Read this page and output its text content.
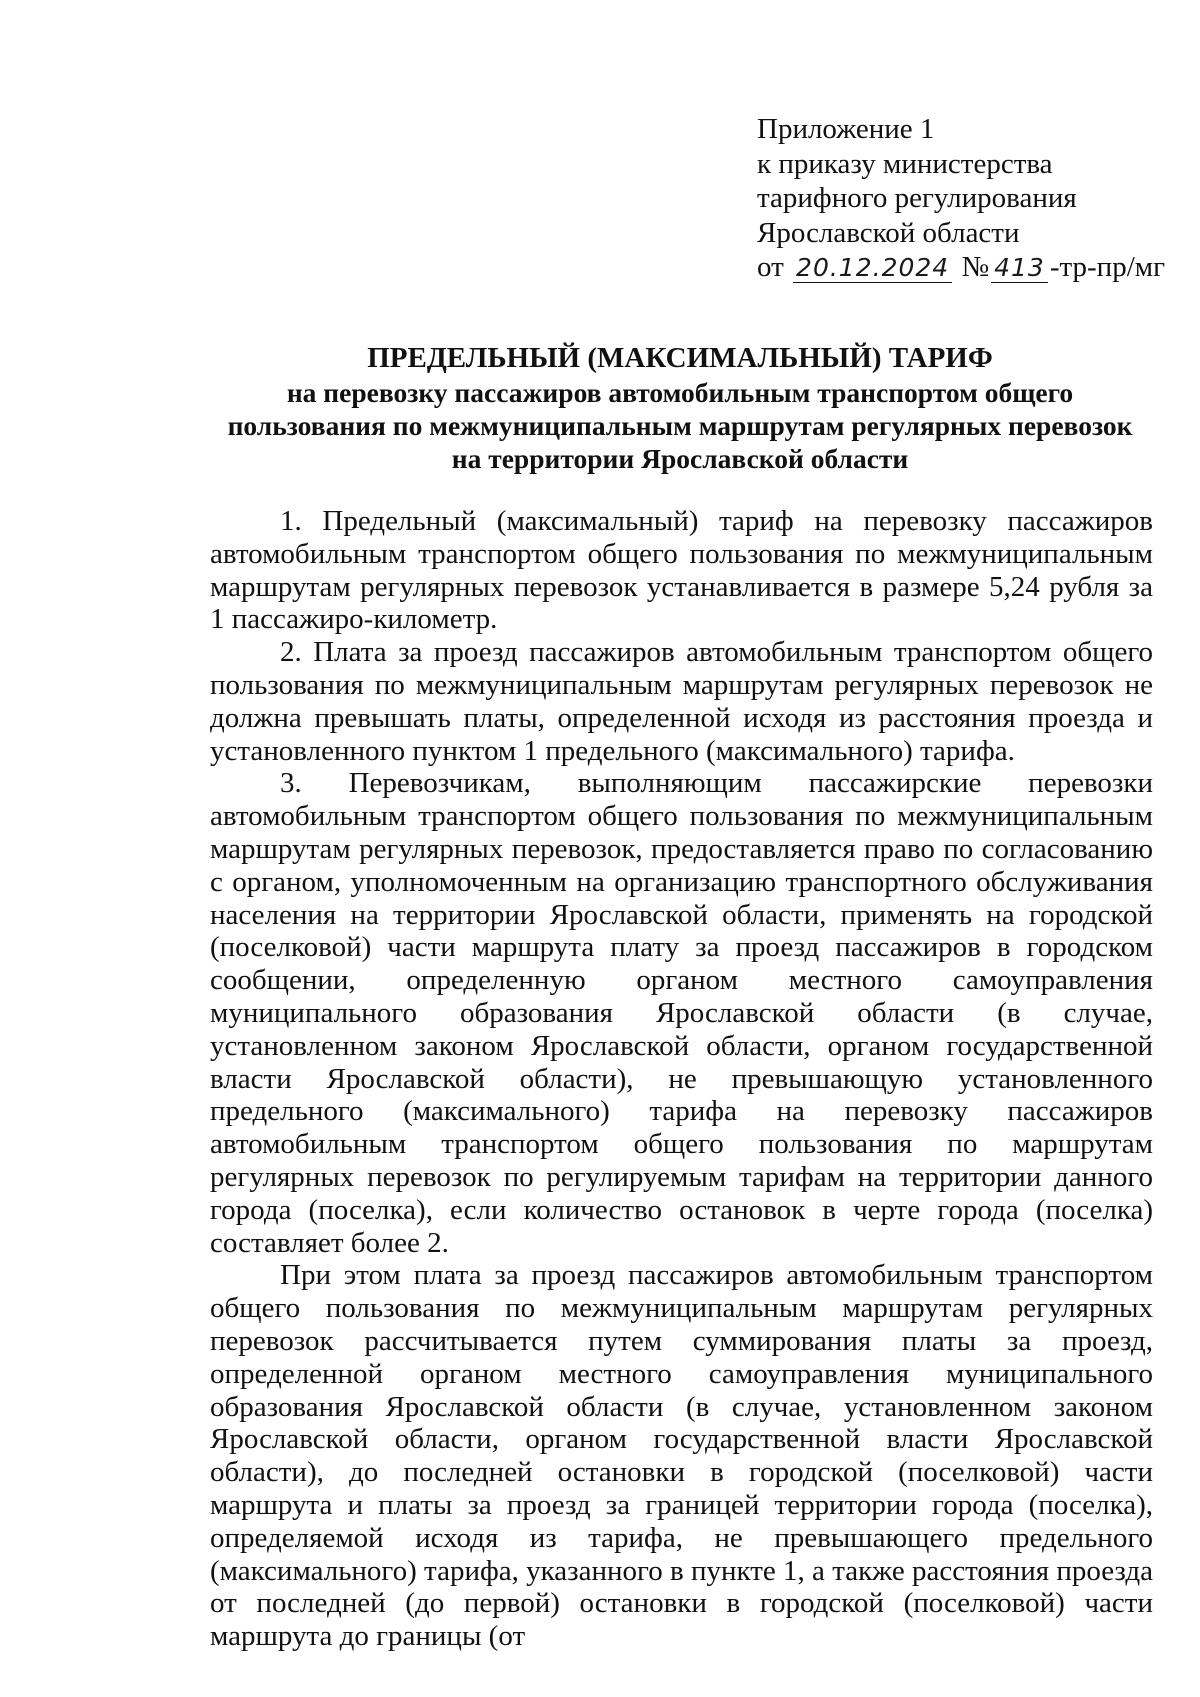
Приложение 1
к приказу министерства
тарифного регулирования
Ярославской области
от 20.12.2024 № 413 -тр-пр/мг
ПРЕДЕЛЬНЫЙ (МАКСИМАЛЬНЫЙ) ТАРИФ
на перевозку пассажиров автомобильным транспортом общего
пользования по межмуниципальным маршрутам регулярных перевозок
на территории Ярославской области

1. Предельный (максимальный) тариф на перевозку пассажиров автомобильным транспортом общего пользования по межмуниципальным маршрутам регулярных перевозок устанавливается в размере 5,24 рубля за 1 пассажиро-километр.

2. Плата за проезд пассажиров автомобильным транспортом общего пользования по межмуниципальным маршрутам регулярных перевозок не должна превышать платы, определенной исходя из расстояния проезда и установленного пунктом 1 предельного (максимального) тарифа.

3. Перевозчикам, выполняющим пассажирские перевозки автомобильным транспортом общего пользования по межмуниципальным маршрутам регулярных перевозок, предоставляется право по согласованию с органом, уполномоченным на организацию транспортного обслуживания населения на территории Ярославской области, применять на городской (поселковой) части маршрута плату за проезд пассажиров в городском сообщении, определенную органом местного самоуправления муниципального образования Ярославской области (в случае, установленном законом Ярославской области, органом государственной власти Ярославской области), не превышающую установленного предельного (максимального) тарифа на перевозку пассажиров автомобильным транспортом общего пользования по маршрутам регулярных перевозок по регулируемым тарифам на территории данного города (поселка), если количество остановок в черте города (поселка) составляет более 2.

При этом плата за проезд пассажиров автомобильным транспортом общего пользования по межмуниципальным маршрутам регулярных перевозок рассчитывается путем суммирования платы за проезд, определенной органом местного самоуправления муниципального образования Ярославской области (в случае, установленном законом Ярославской области, органом государственной власти Ярославской области), до последней остановки в городской (поселковой) части маршрута и платы за проезд за границей территории города (поселка), определяемой исходя из тарифа, не превышающего предельного (максимального) тарифа, указанного в пункте 1, а также расстояния проезда от последней (до первой) остановки в городской (поселковой) части маршрута до границы (от
